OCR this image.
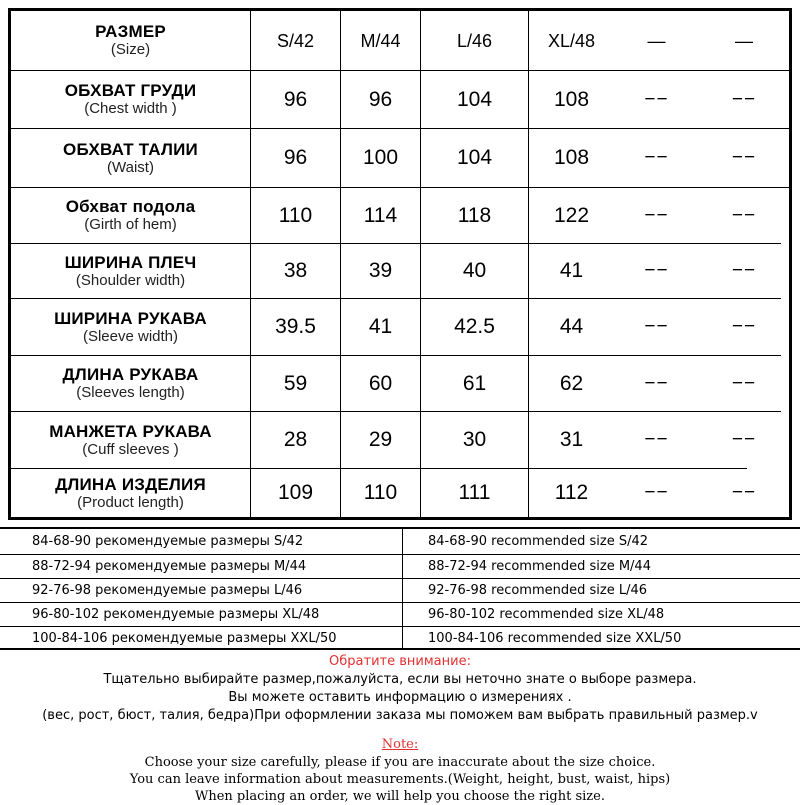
РАЗМЕР
(Size)	S/42	M/44	L/46	XL/48	—	—
ОБХВАТ ГРУДИ
(Chest width )	96	96	104	108	−−	−−
ОБХВАТ ТАЛИИ
(Waist)	96	100	104	108	−−	−−
Обхват подола
(Girth of hem)	110	114	118	122	−−	−−
ШИРИНА ПЛЕЧ
(Shoulder width)	38	39	40	41	−−	−−
ШИРИНА РУКАВА
(Sleeve width)	39.5	41	42.5	44	−−	−−
ДЛИНА РУКАВА
(Sleeves length)	59	60	61	62	−−	−−
МАНЖЕТА РУКАВА
(Cuff sleeves )	28	29	30	31	−−	−−
ДЛИНА ИЗДЕЛИЯ
(Product length)	109	110	111	112	−−	−−
84-68-90 рекомендуемые размеры S/42	84-68-90 recommended size S/42
88-72-94 рекомендуемые размеры M/44	88-72-94 recommended size M/44
92-76-98 рекомендуемые размеры L/46	92-76-98 recommended size L/46
96-80-102 рекомендуемые размеры XL/48	96-80-102 recommended size XL/48
100-84-106 рекомендуемые размеры XXL/50	100-84-106 recommended size XXL/50
Обратите внимание:
Тщательно выбирайте размер,пожалуйста, если вы неточно знате о выборе размера.
Вы можете оставить информацию о измерениях .
(вес, рост, бюст, талия, бедра)При оформлении заказа мы поможем вам выбрать правильный размер.v
Note:
Choose your size carefully, please if you are inaccurate about the size choice.
You can leave information about measurements.(Weight, height, bust, waist, hips)
When placing an order, we will help you choose the right size.
